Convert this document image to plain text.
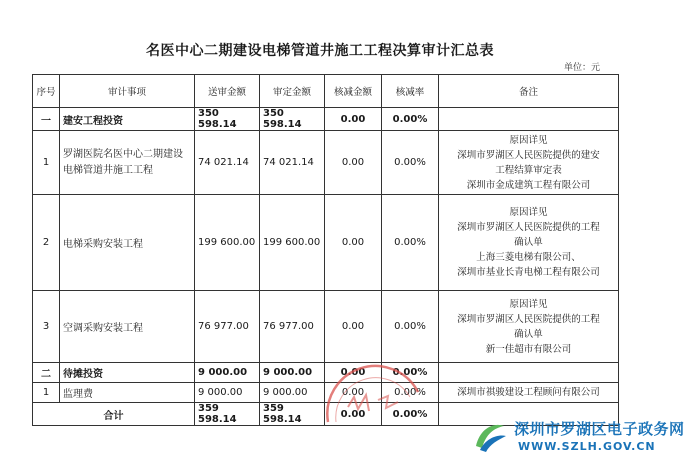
名医中心二期建设电梯管道井施工工程决算审计汇总表
单位：元
序号	审计事项	送审金额	审定金额	核减金额	核减率	备注
一	建安工程投资	350 598.14	350 598.14	0.00	0.00%	
1	罗湖医院名医中心二期建设电梯管道井施工工程	74 021.14	74 021.14	0.00	0.00%	原因详见
深圳市罗湖区人民医院提供的建安
工程结算审定表
深圳市金成建筑工程有限公司

2	电梯采购安装工程	199 600.00	199 600.00	0.00	0.00%	原因详见
深圳市罗湖区人民医院提供的工程
确认单
上海三菱电梯有限公司、
深圳市基业长青电梯工程有限公司

3	空调采购安装工程	76 977.00	76 977.00	0.00	0.00%	原因详见
深圳市罗湖区人民医院提供的工程
确认单
新一佳超市有限公司

二	待摊投资	9 000.00	9 000.00	0.00	0.00%	
1	监理费	9 000.00	9 000.00	0.00	0.00%	深圳市祺骏建设工程顾问有限公司
合计		359 598.14	359 598.14	0.00	0.00%	
深圳市罗湖区电子政务网
WWW.SZLH.GOV.CN
